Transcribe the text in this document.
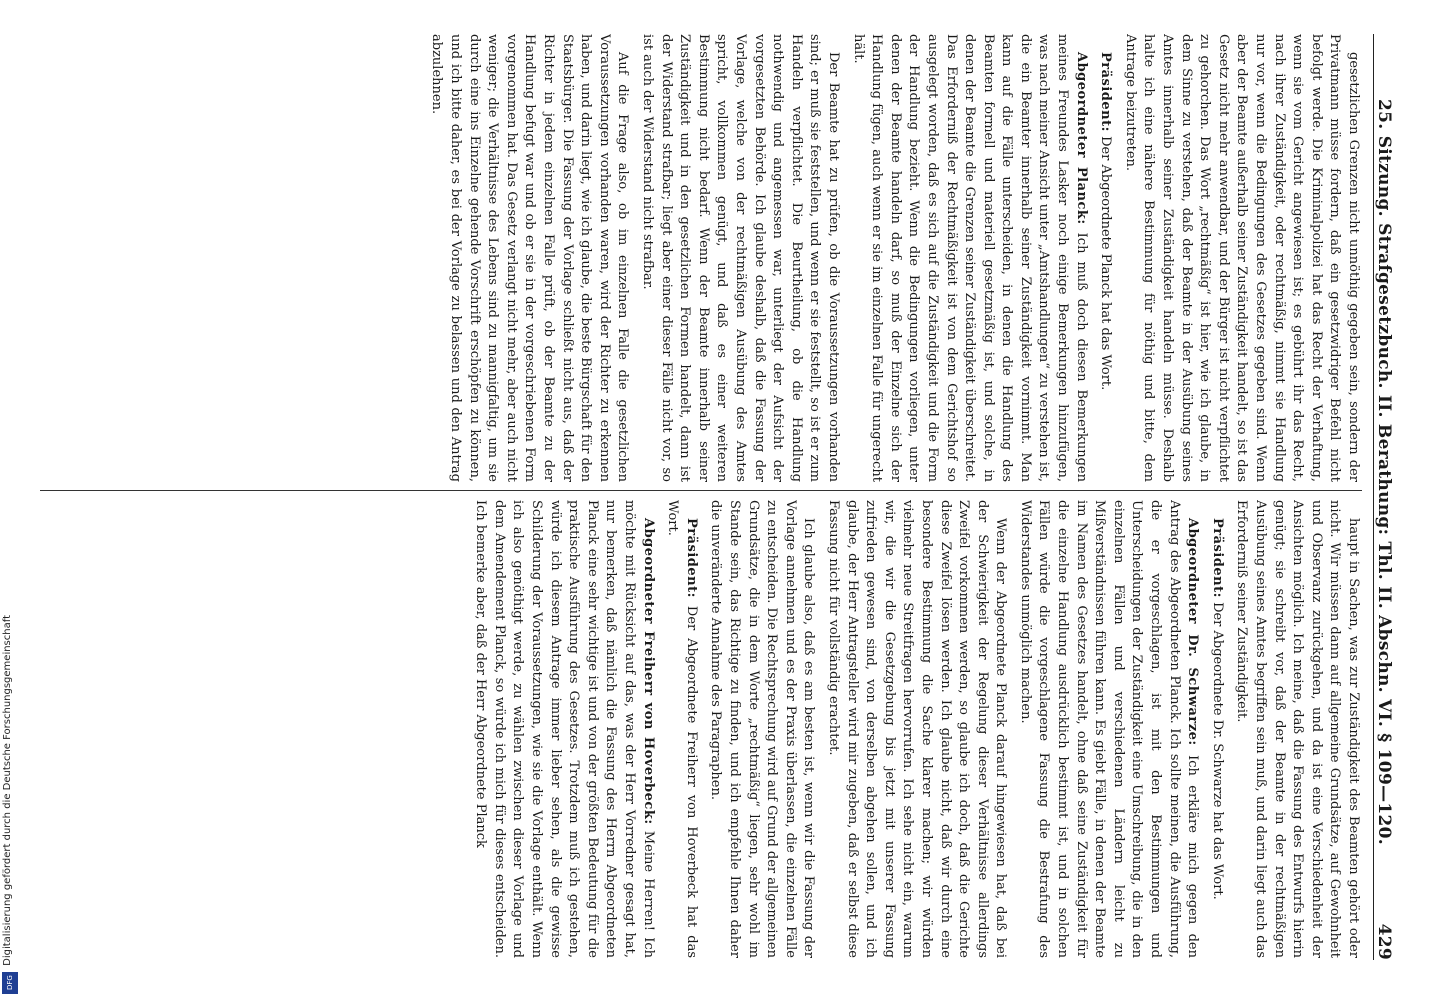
25. Sitzung. Strafgesetzbuch. II. Berathung: Thl. II. Abschn. VI. § 109—120.
429

gesetzlichen Grenzen nicht unnöthig gegeben sein, sondern der Privatmann müsse fordern, daß ein gesetzwidriger Befehl nicht befolgt werde. Die Kriminalpolizei hat das Recht der Verhaftung, wenn sie vom Gericht angewiesen ist; es gebührt ihr das Recht, nach ihrer Zuständigkeit, oder rechtmäßig, nimmt sie Handlung nur vor, wenn die Bedingungen des Gesetzes gegeben sind. Wenn aber der Beamte außerhalb seiner Zuständigkeit handelt, so ist das Gesetz nicht mehr anwendbar, und der Bürger ist nicht verpflichtet zu gehorchen. Das Wort „rechtmäßig“ ist hier, wie ich glaube, in dem Sinne zu verstehen, daß der Beamte in der Ausübung seines Amtes innerhalb seiner Zuständigkeit handeln müsse. Deshalb halte ich eine nähere Bestimmung für nöthig und bitte, dem Antrage beizutreten.

Präsident: Der Abgeordnete Planck hat das Wort.

Abgeordneter Planck: Ich muß doch diesen Bemerkungen meines Freundes Lasker noch einige Bemerkungen hinzufügen, was nach meiner Ansicht unter „Amtshandlungen“ zu verstehen ist, die ein Beamter innerhalb seiner Zuständigkeit vornimmt. Man kann auf die Fälle unterscheiden, in denen die Handlung des Beamten formell und materiell gesetzmäßig ist, und solche, in denen der Beamte die Grenzen seiner Zuständigkeit überschreitet. Das Erforderniß der Rechtmäßigkeit ist von dem Gerichtshof so ausgelegt worden, daß es sich auf die Zuständigkeit und die Form der Handlung bezieht. Wenn die Bedingungen vorliegen, unter denen der Beamte handeln darf, so muß der Einzelne sich der Handlung fügen, auch wenn er sie im einzelnen Falle für ungerecht hält.

Der Beamte hat zu prüfen, ob die Voraussetzungen vorhanden sind; er muß sie feststellen, und wenn er sie feststellt, so ist er zum Handeln verpflichtet. Die Beurtheilung, ob die Handlung nothwendig und angemessen war, unterliegt der Aufsicht der vorgesetzten Behörde. Ich glaube deshalb, daß die Fassung der Vorlage, welche von der rechtmäßigen Ausübung des Amtes spricht, vollkommen genügt, und daß es einer weiteren Bestimmung nicht bedarf. Wenn der Beamte innerhalb seiner Zuständigkeit und in den gesetzlichen Formen handelt, dann ist der Widerstand strafbar; liegt aber einer dieser Fälle nicht vor, so ist auch der Widerstand nicht strafbar.

Auf die Frage also, ob im einzelnen Falle die gesetzlichen Voraussetzungen vorhanden waren, wird der Richter zu erkennen haben, und darin liegt, wie ich glaube, die beste Bürgschaft für den Staatsbürger. Die Fassung der Vorlage schließt nicht aus, daß der Richter in jedem einzelnen Falle prüft, ob der Beamte zu der Handlung befugt war und ob er sie in der vorgeschriebenen Form vorgenommen hat. Das Gesetz verlangt nicht mehr, aber auch nicht weniger; die Verhältnisse des Lebens sind zu mannigfaltig, um sie durch eine ins Einzelne gehende Vorschrift erschöpfen zu können, und ich bitte daher, es bei der Vorlage zu belassen und den Antrag abzulehnen.

haupt in Sachen, was zur Zuständigkeit des Beamten gehört oder nicht. Wir müssen dann auf allgemeine Grundsätze, auf Gewohnheit und Observanz zurückgehen, und da ist eine Verschiedenheit der Ansichten möglich. Ich meine, daß die Fassung des Entwurfs hierin genügt; sie schreibt vor, daß der Beamte in der rechtmäßigen Ausübung seines Amtes begriffen sein muß, und darin liegt auch das Erforderniß seiner Zuständigkeit.

Präsident: Der Abgeordnete Dr. Schwarze hat das Wort.

Abgeordneter Dr. Schwarze: Ich erkläre mich gegen den Antrag des Abgeordneten Planck. Ich sollte meinen, die Ausführung, die er vorgeschlagen, ist mit den Bestimmungen und Unterscheidungen der Zuständigkeit eine Umschreibung, die in den einzelnen Fällen und verschiedenen Ländern leicht zu Mißverständnissen führen kann. Es giebt Fälle, in denen der Beamte im Namen des Gesetzes handelt, ohne daß seine Zuständigkeit für die einzelne Handlung ausdrücklich bestimmt ist, und in solchen Fällen würde die vorgeschlagene Fassung die Bestrafung des Widerstandes unmöglich machen.

Wenn der Abgeordnete Planck darauf hingewiesen hat, daß bei der Schwierigkeit der Regelung dieser Verhältnisse allerdings Zweifel vorkommen werden, so glaube ich doch, daß die Gerichte diese Zweifel lösen werden. Ich glaube nicht, daß wir durch eine besondere Bestimmung die Sache klarer machen; wir würden vielmehr neue Streitfragen hervorrufen. Ich sehe nicht ein, warum wir, die wir die Gesetzgebung bis jetzt mit unserer Fassung zufrieden gewesen sind, von derselben abgehen sollen, und ich glaube, der Herr Antragsteller wird mir zugeben, daß er selbst diese Fassung nicht für vollständig erachtet.

Ich glaube also, daß es am besten ist, wenn wir die Fassung der Vorlage annehmen und es der Praxis überlassen, die einzelnen Fälle zu entscheiden. Die Rechtsprechung wird auf Grund der allgemeinen Grundsätze, die in dem Worte „rechtmäßig“ liegen, sehr wohl im Stande sein, das Richtige zu finden, und ich empfehle Ihnen daher die unveränderte Annahme des Paragraphen.

Präsident: Der Abgeordnete Freiherr von Hoverbeck hat das Wort.

Abgeordneter Freiherr von Hoverbeck: Meine Herren! Ich möchte mit Rücksicht auf das, was der Herr Vorredner gesagt hat, nur bemerken, daß nämlich die Fassung des Herrn Abgeordneten Planck eine sehr wichtige ist und von der größten Bedeutung für die praktische Ausführung des Gesetzes. Trotzdem muß ich gestehen, würde ich diesem Antrage immer lieber sehen, als die gewisse Schilderung der Voraussetzungen, wie sie die Vorlage enthält. Wenn ich also genöthigt werde, zu wählen zwischen dieser Vorlage und dem Amendement Planck, so würde ich mich für dieses entscheiden. Ich bemerke aber, daß der Herr Abgeordnete Planck

Digitalisierung gefördert durch die Deutsche Forschungsgemeinschaft
DFG
